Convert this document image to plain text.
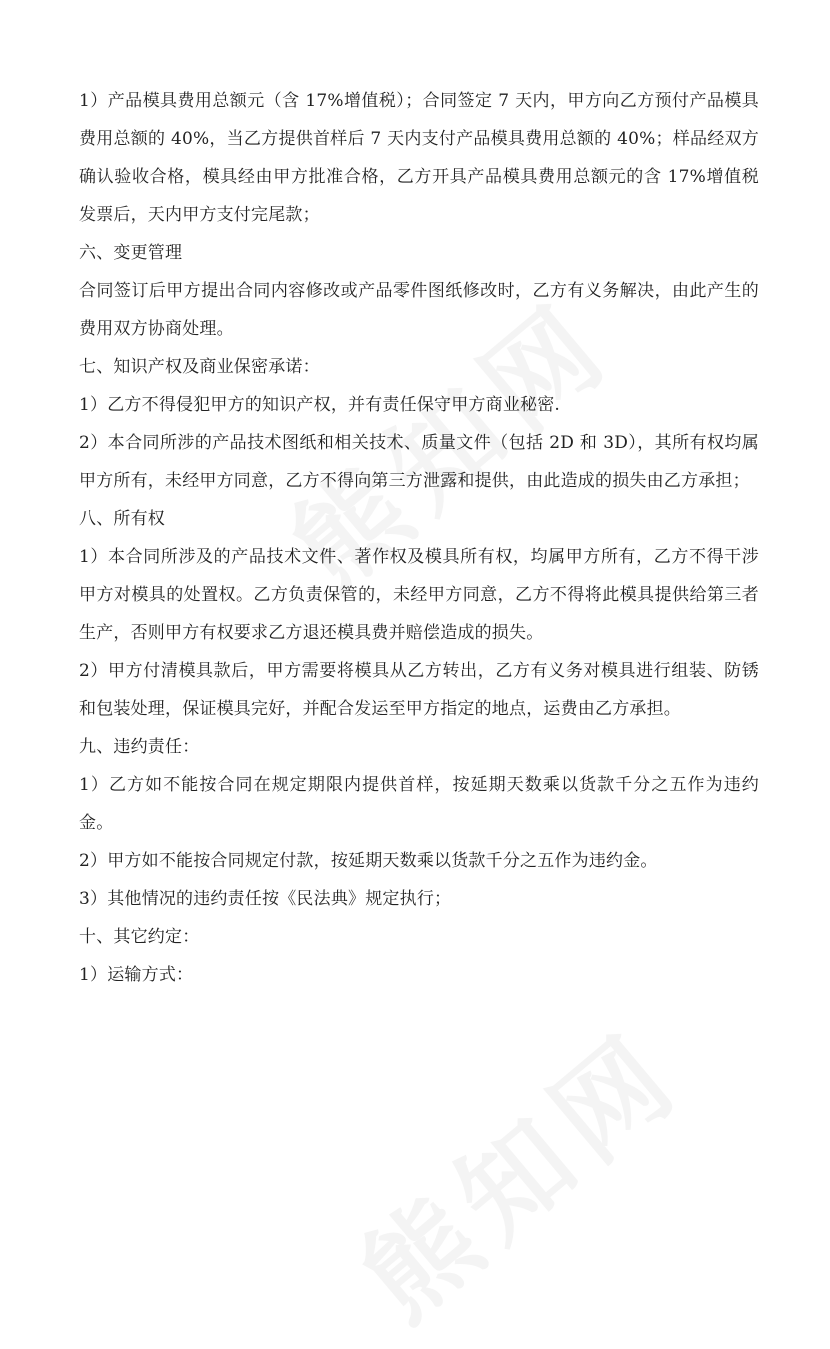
1）产品模具费用总额元（含 17%增值税）；合同签定 7 天内，甲方向乙方预付产品模具费用总额的 40%，当乙方提供首样后 7 天内支付产品模具费用总额的 40%；样品经双方确认验收合格，模具经由甲方批准合格，乙方开具产品模具费用总额元的含 17%增值税发票后，天内甲方支付完尾款；

六、变更管理

合同签订后甲方提出合同内容修改或产品零件图纸修改时，乙方有义务解决，由此产生的费用双方协商处理。

七、知识产权及商业保密承诺：

1）乙方不得侵犯甲方的知识产权，并有责任保守甲方商业秘密.

2）本合同所涉的产品技术图纸和相关技术、质量文件（包括 2D 和 3D），其所有权均属甲方所有，未经甲方同意，乙方不得向第三方泄露和提供，由此造成的损失由乙方承担；

八、所有权

1）本合同所涉及的产品技术文件、著作权及模具所有权，均属甲方所有，乙方不得干涉甲方对模具的处置权。乙方负责保管的，未经甲方同意，乙方不得将此模具提供给第三者生产，否则甲方有权要求乙方退还模具费并赔偿造成的损失。

2）甲方付清模具款后，甲方需要将模具从乙方转出，乙方有义务对模具进行组装、防锈和包装处理，保证模具完好，并配合发运至甲方指定的地点，运费由乙方承担。

九、违约责任：

1）乙方如不能按合同在规定期限内提供首样，按延期天数乘以货款千分之五作为违约金。

2）甲方如不能按合同规定付款，按延期天数乘以货款千分之五作为违约金。

3）其他情况的违约责任按《民法典》规定执行；

十、其它约定：

1）运输方式：
